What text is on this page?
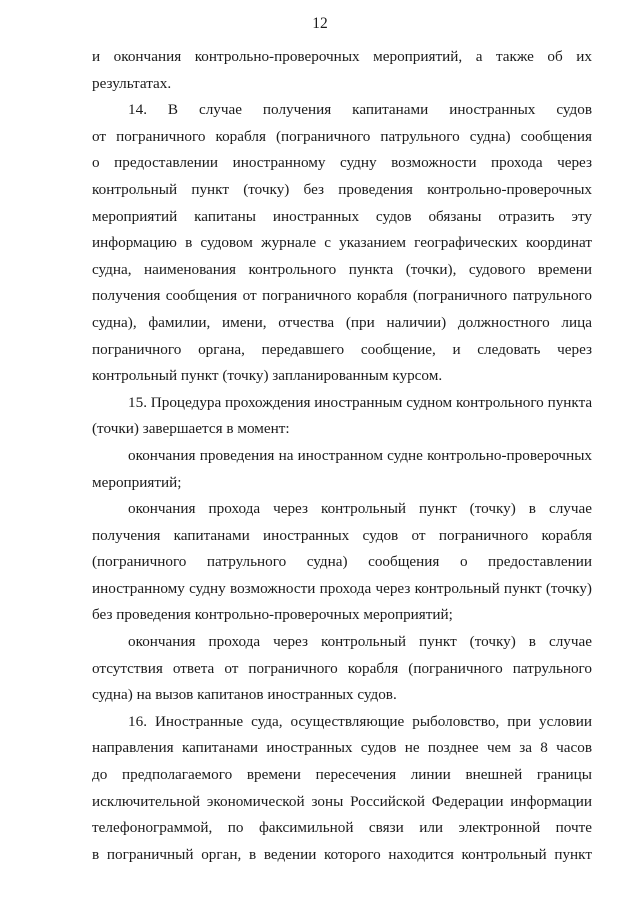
12
и окончания контрольно-проверочных мероприятий, а также об их
результатах.
14. В случае получения капитанами иностранных судов
от пограничного корабля (пограничного патрульного судна) сообщения
о предоставлении иностранному судну возможности прохода через
контрольный пункт (точку) без проведения контрольно-проверочных
мероприятий капитаны иностранных судов обязаны отразить эту
информацию в судовом журнале с указанием географических координат
судна, наименования контрольного пункта (точки), судового времени
получения сообщения от пограничного корабля (пограничного патрульного
судна), фамилии, имени, отчества (при наличии) должностного лица
пограничного органа, передавшего сообщение, и следовать через
контрольный пункт (точку) запланированным курсом.
15. Процедура прохождения иностранным судном контрольного пункта
(точки) завершается в момент:
окончания проведения на иностранном судне контрольно-проверочных
мероприятий;
окончания прохода через контрольный пункт (точку) в случае
получения капитанами иностранных судов от пограничного корабля
(пограничного патрульного судна) сообщения о предоставлении
иностранному судну возможности прохода через контрольный пункт (точку)
без проведения контрольно-проверочных мероприятий;
окончания прохода через контрольный пункт (точку) в случае
отсутствия ответа от пограничного корабля (пограничного патрульного
судна) на вызов капитанов иностранных судов.
16. Иностранные суда, осуществляющие рыболовство, при условии
направления капитанами иностранных судов не позднее чем за 8 часов
до предполагаемого времени пересечения линии внешней границы
исключительной экономической зоны Российской Федерации информации
телефонограммой, по факсимильной связи или электронной почте
в пограничный орган, в ведении которого находится контрольный пункт
